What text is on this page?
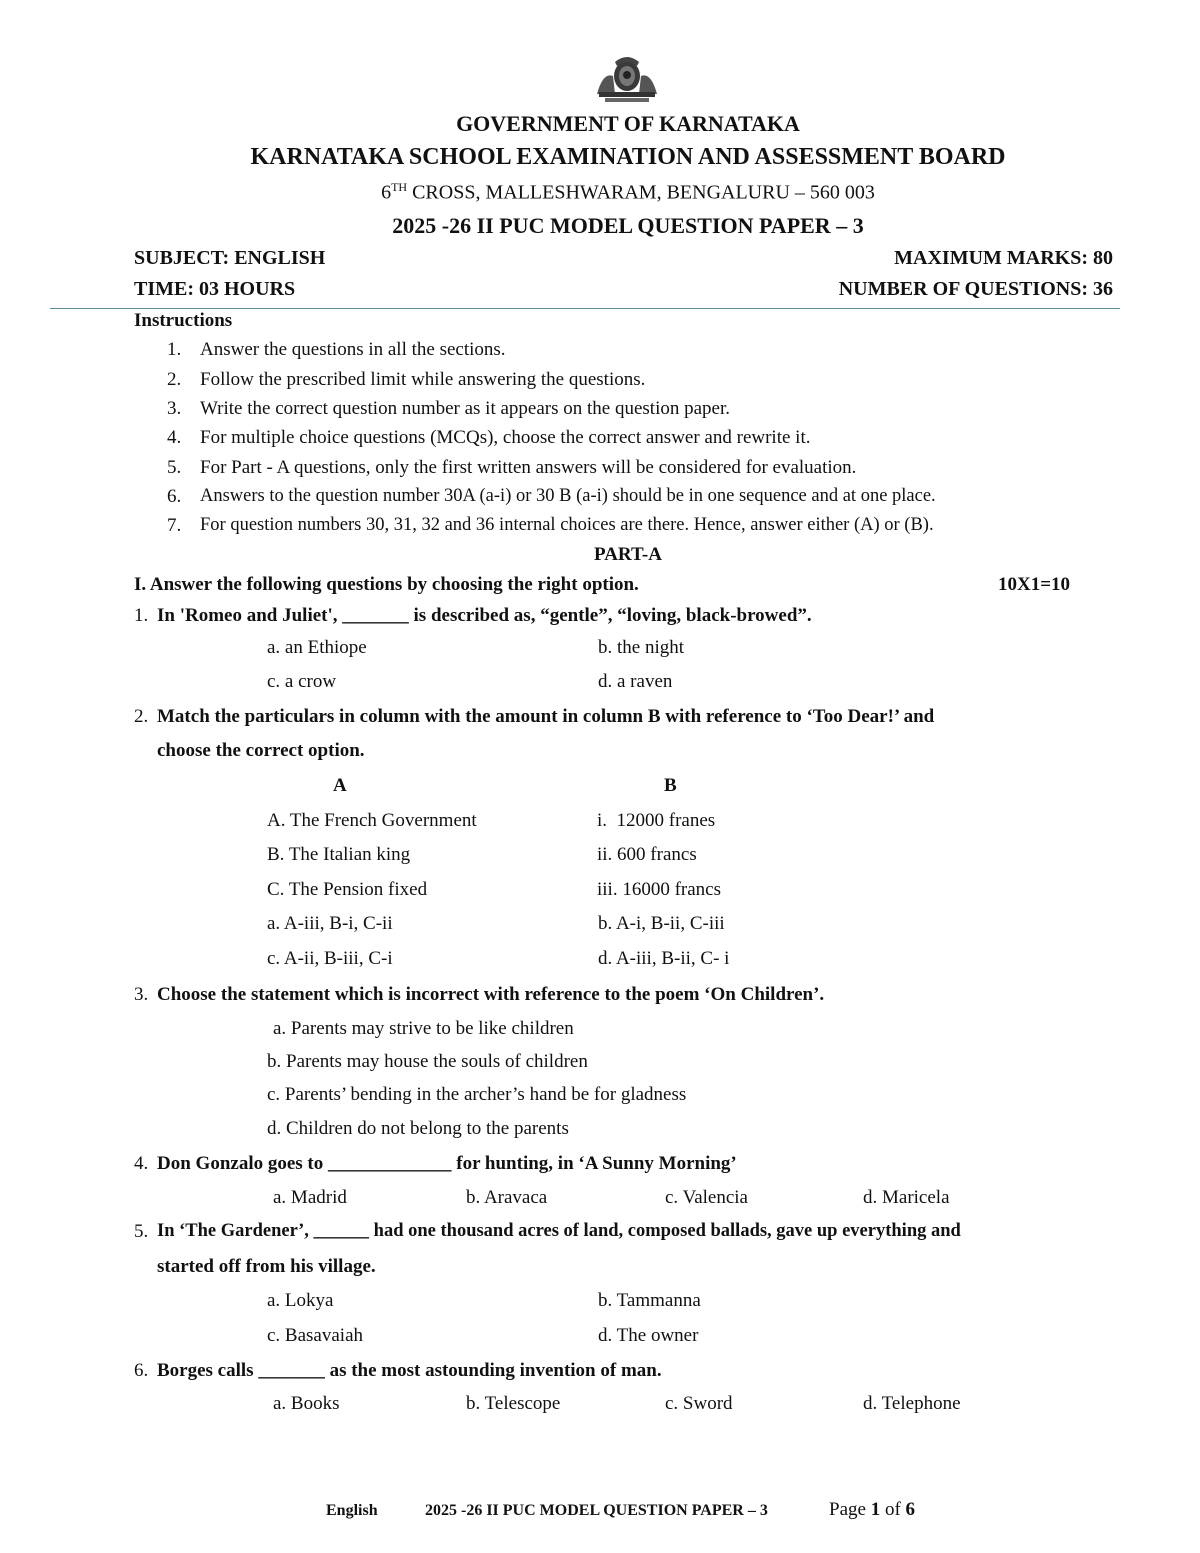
GOVERNMENT OF KARNATAKA
KARNATAKA SCHOOL EXAMINATION AND ASSESSMENT BOARD
6TH CROSS, MALLESHWARAM, BENGALURU – 560 003
2025 -26 II PUC MODEL QUESTION PAPER – 3
SUBJECT: ENGLISH	MAXIMUM MARKS: 80
TIME: 03 HOURS	NUMBER OF QUESTIONS: 36
Instructions
1. Answer the questions in all the sections.
2. Follow the prescribed limit while answering the questions.
3. Write the correct question number as it appears on the question paper.
4. For multiple choice questions (MCQs), choose the correct answer and rewrite it.
5. For Part - A questions, only the first written answers will be considered for evaluation.
6. Answers to the question number 30A (a-i) or 30 B (a-i) should be in one sequence and at one place.
7. For question numbers 30, 31, 32 and 36 internal choices are there. Hence, answer either (A) or (B).
PART-A
I. Answer the following questions by choosing the right option.	10X1=10
1. In 'Romeo and Juliet', _______ is described as, “gentle”, “loving, black-browed”.
a. an Ethiope	b. the night
c. a crow	d. a raven
2. Match the particulars in column with the amount in column B with reference to ‘Too Dear!’ and
choose the correct option.
A	B
A. The French Government	i.  12000 franes
B. The Italian king	ii. 600 francs
C. The Pension fixed	iii. 16000 francs
a. A-iii, B-i, C-ii	b. A-i, B-ii, C-iii
c. A-ii, B-iii, C-i	d. A-iii, B-ii, C- i
3. Choose the statement which is incorrect with reference to the poem ‘On Children’.
a. Parents may strive to be like children
b. Parents may house the souls of children
c. Parents’ bending in the archer’s hand be for gladness
d. Children do not belong to the parents
4. Don Gonzalo goes to _____________ for hunting, in ‘A Sunny Morning’
a. Madrid	b. Aravaca	c. Valencia	d. Maricela
5. In ‘The Gardener’, ______ had one thousand acres of land, composed ballads, gave up everything and
started off from his village.
a. Lokya	b. Tammanna
c. Basavaiah	d. The owner
6. Borges calls _______ as the most astounding invention of man.
a. Books	b. Telescope	c. Sword	d. Telephone
English	2025 -26 II PUC MODEL QUESTION PAPER – 3	Page 1 of 6
